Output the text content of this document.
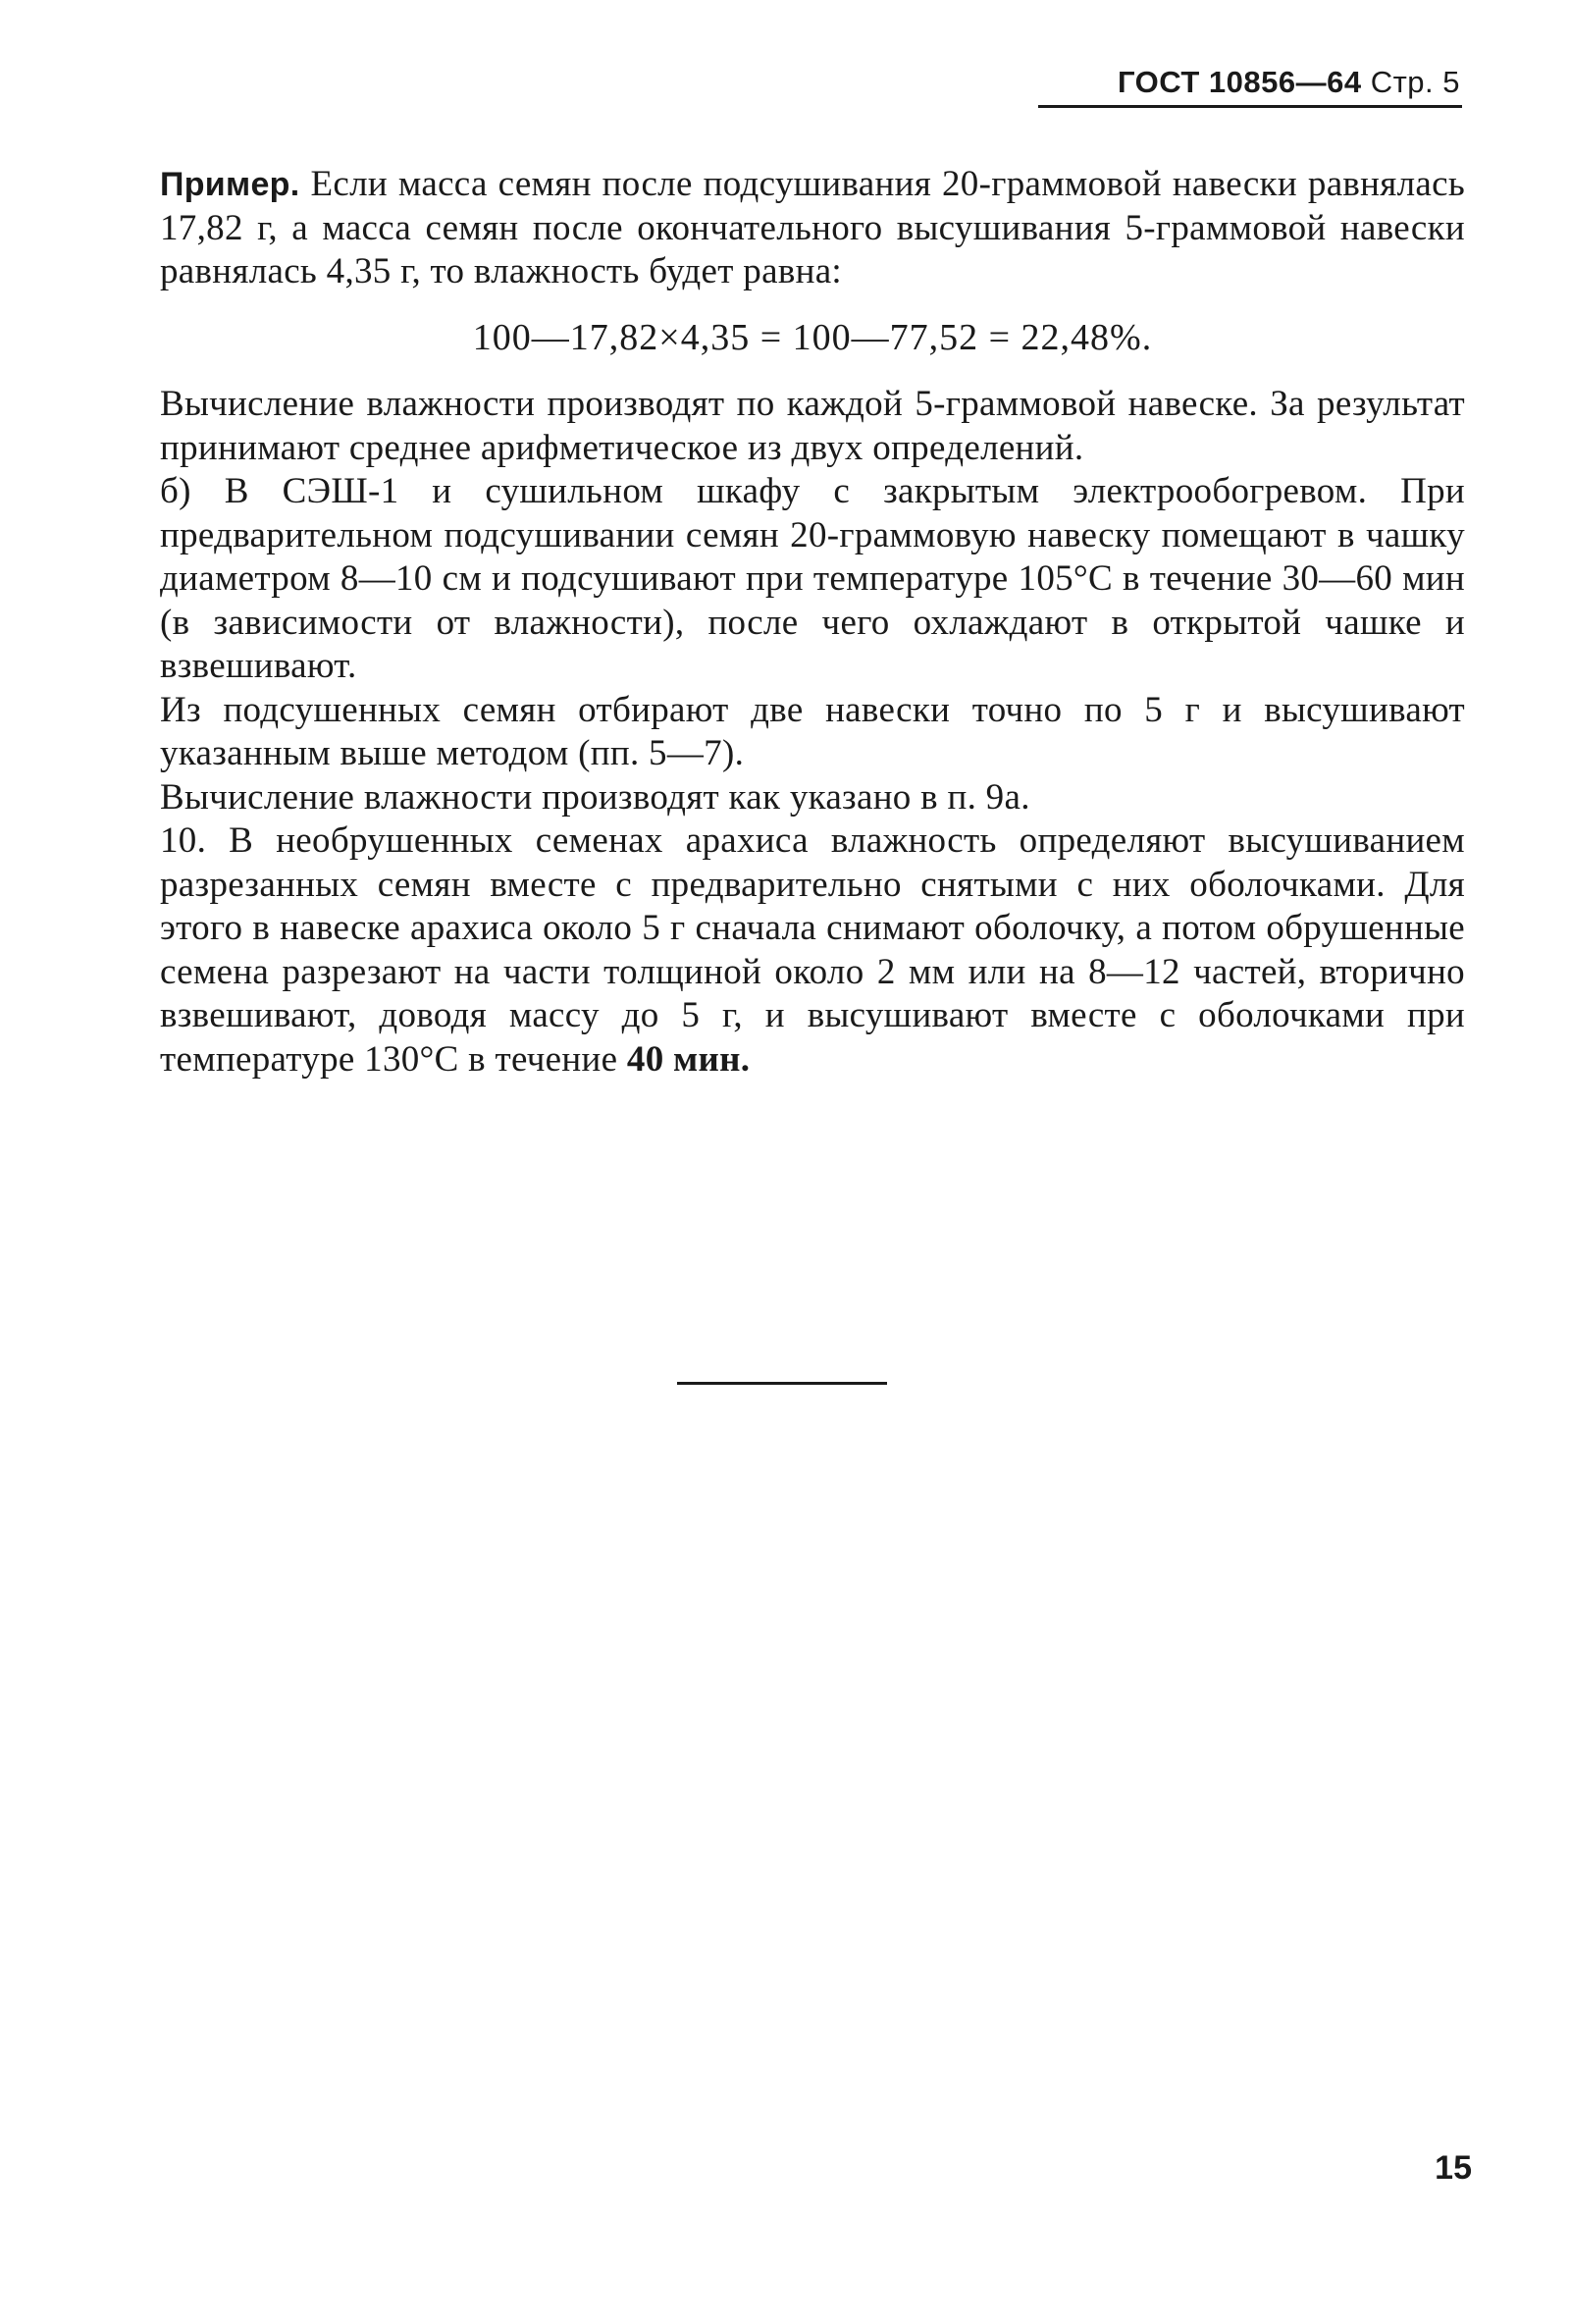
ГОСТ 10856—64 Стр. 5

Пример. Если масса семян после подсушивания 20-граммовой навески равнялась 17,82 г, а масса семян после окончательного высушивания 5-граммовой навески равнялась 4,35 г, то влажность будет равна:

100—17,82×4,35 = 100—77,52 = 22,48%.

Вычисление влажности производят по каждой 5-граммовой навеске. За результат принимают среднее арифметическое из двух определений.

б) В СЭШ-1 и сушильном шкафу с закрытым электрообогревом. При предварительном подсушивании семян 20-граммовую навеску помещают в чашку диаметром 8—10 см и подсушивают при температуре 105°С в течение 30—60 мин (в зависимости от влажности), после чего охлаждают в открытой чашке и взвешивают.

Из подсушенных семян отбирают две навески точно по 5 г и высушивают указанным выше методом (пп. 5—7).

Вычисление влажности производят как указано в п. 9а.

10. В необрушенных семенах арахиса влажность определяют высушиванием разрезанных семян вместе с предварительно снятыми с них оболочками. Для этого в навеске арахиса около 5 г сначала снимают оболочку, а потом обрушенные семена разрезают на части толщиной около 2 мм или на 8—12 частей, вторично взвешивают, доводя массу до 5 г, и высушивают вместе с оболочками при температуре 130°С в течение 40 мин.

15
